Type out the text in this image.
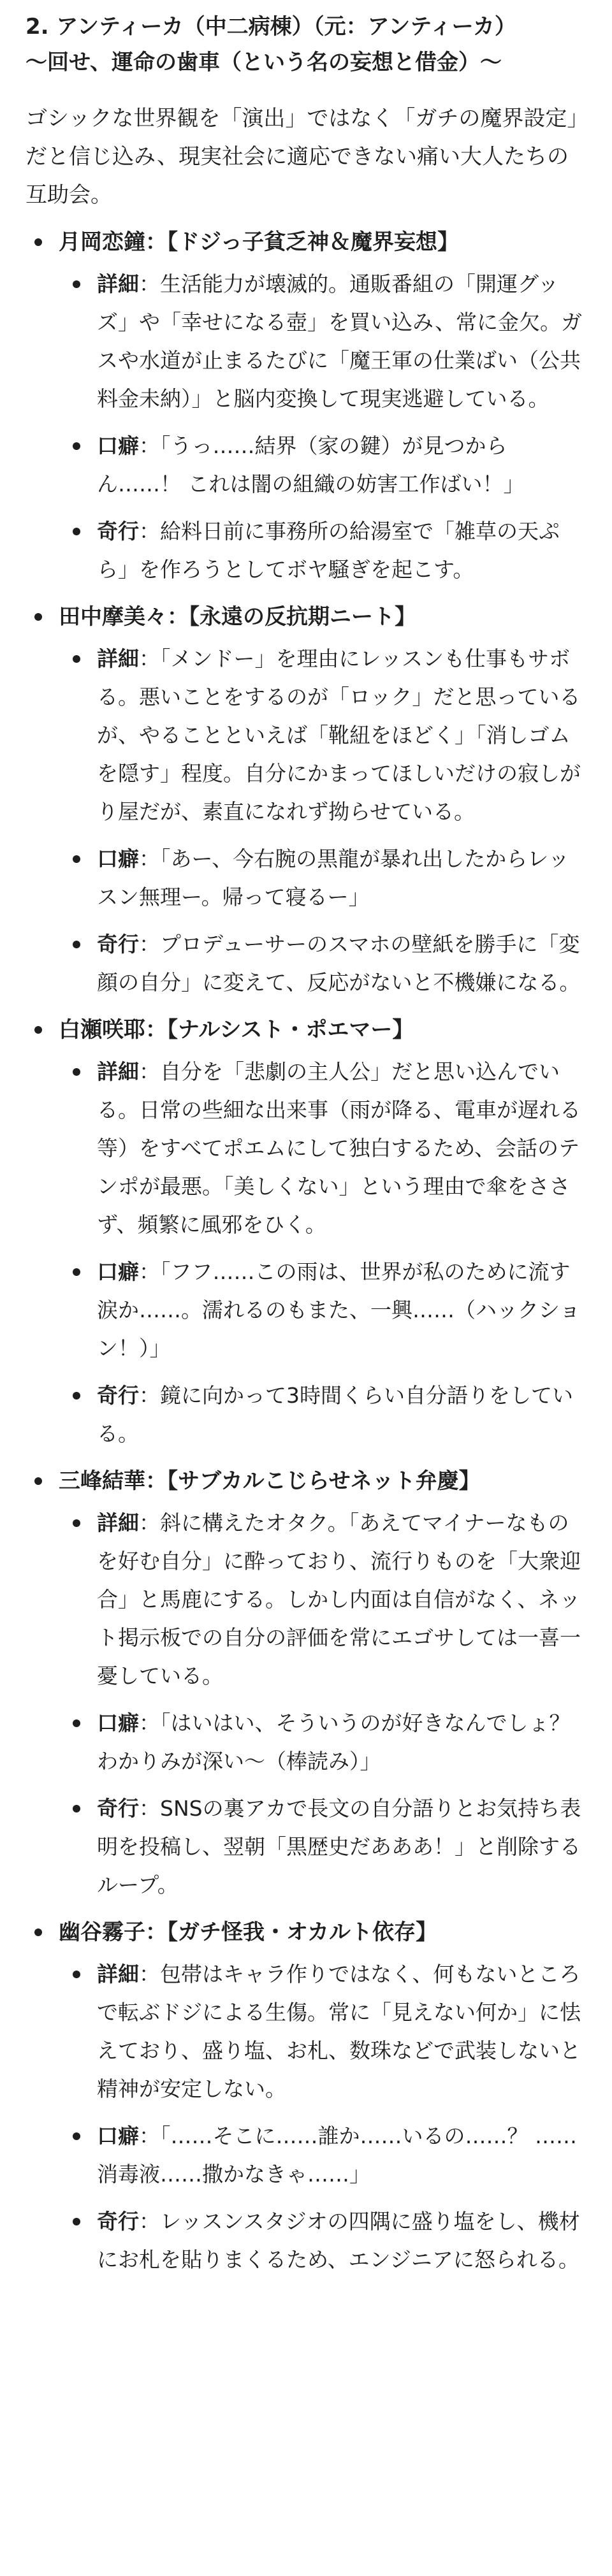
2. アンティーカ（中二病棟）（元：アンティーカ）

〜回せ、運命の歯車（という名の妄想と借金）〜

ゴシックな世界観を「演出」ではなく「ガチの魔界設定」だと信じ込み、現実社会に適応できない痛い大人たちの互助会。

月岡恋鐘：【ドジっ子貧乏神＆魔界妄想】
詳細：生活能力が壊滅的。通販番組の「開運グッズ」や「幸せになる壺」を買い込み、常に金欠。ガスや水道が止まるたびに「魔王軍の仕業ばい（公共料金未納）」と脳内変換して現実逃避している。
口癖：「うっ……結界（家の鍵）が見つからん……！ これは闇の組織の妨害工作ばい！」
奇行：給料日前に事務所の給湯室で「雑草の天ぷら」を作ろうとしてボヤ騒ぎを起こす。
田中摩美々：【永遠の反抗期ニート】
詳細：「メンドー」を理由にレッスンも仕事もサボる。悪いことをするのが「ロック」だと思っているが、やることといえば「靴紐をほどく」「消しゴムを隠す」程度。自分にかまってほしいだけの寂しがり屋だが、素直になれず拗らせている。
口癖：「あー、今右腕の黒龍が暴れ出したからレッスン無理ー。帰って寝るー」
奇行：プロデューサーのスマホの壁紙を勝手に「変顔の自分」に変えて、反応がないと不機嫌になる。
白瀬咲耶：【ナルシスト・ポエマー】
詳細：自分を「悲劇の主人公」だと思い込んでいる。日常の些細な出来事（雨が降る、電車が遅れる等）をすべてポエムにして独白するため、会話のテンポが最悪。「美しくない」という理由で傘をささず、頻繁に風邪をひく。
口癖：「フフ……この雨は、世界が私のために流す涙か……。濡れるのもまた、一興……（ハックション！）」
奇行：鏡に向かって3時間くらい自分語りをしている。
三峰結華：【サブカルこじらせネット弁慶】
詳細：斜に構えたオタク。「あえてマイナーなものを好む自分」に酔っており、流行りものを「大衆迎合」と馬鹿にする。しかし内面は自信がなく、ネット掲示板での自分の評価を常にエゴサしては一喜一憂している。
口癖：「はいはい、そういうのが好きなんでしょ？ わかりみが深い〜（棒読み）」
奇行：SNSの裏アカで長文の自分語りとお気持ち表明を投稿し、翌朝「黒歴史だあああ！」と削除するループ。
幽谷霧子：【ガチ怪我・オカルト依存】
詳細：包帯はキャラ作りではなく、何もないところで転ぶドジによる生傷。常に「見えない何か」に怯えており、盛り塩、お札、数珠などで武装しないと精神が安定しない。
口癖：「……そこに……誰か……いるの……？ ……消毒液……撒かなきゃ……」
奇行：レッスンスタジオの四隅に盛り塩をし、機材にお札を貼りまくるため、エンジニアに怒られる。
